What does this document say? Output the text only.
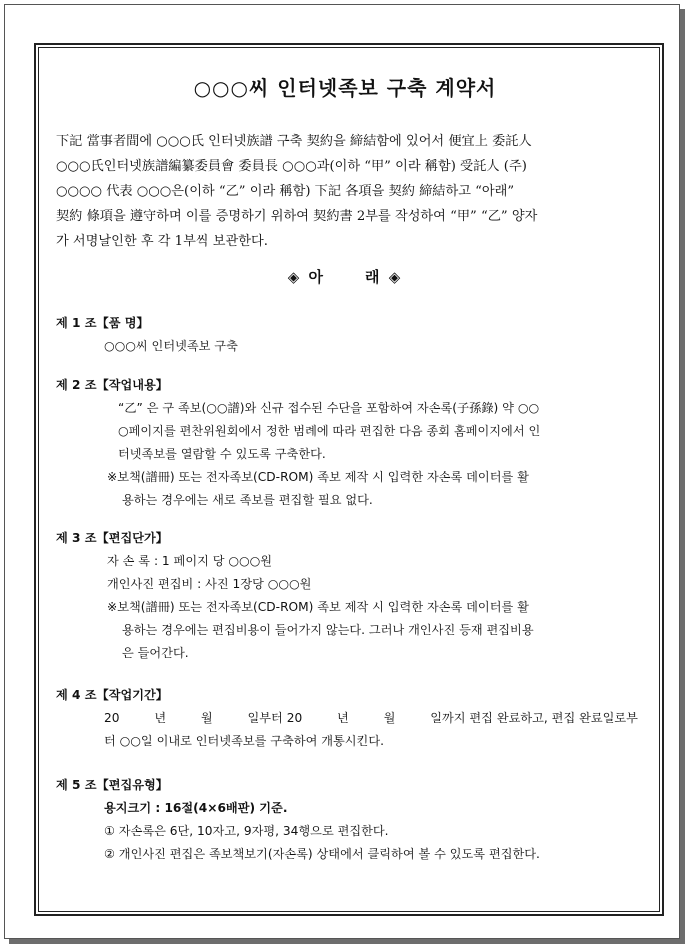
○○○씨 인터넷족보 구축 계약서

下記 當事者間에 ○○○氏 인터넷族譜 구축 契約을 締結함에 있어서 便宜上 委託人

○○○氏인터넷族譜編纂委員會 委員長 ○○○과(이하 “甲” 이라 稱함) 受託人 (주)

○○○○ 代表 ○○○은(이하 “乙” 이라 稱함) 下記 各項을 契約 締結하고 “아래”

契約 條項을 遵守하며 이를 증명하기 위하여 契約書 2부를 작성하여 “甲” “乙” 양자

가 서명날인한 후 각 1부씩 보관한다.

◈ 아	래 ◈
제 1 조【품 명】

○○○씨 인터넷족보 구축

제 2 조【작업내용】

“乙” 은 구 족보(○○譜)와 신규 접수된 수단을 포함하여 자손록(子孫錄) 약 ○○

○페이지를 편찬위원회에서 정한 범례에 따라 편집한 다음 종회 홈페이지에서 인

터넷족보를 열람할 수 있도록 구축한다.

※보책(譜冊) 또는 전자족보(CD-ROM) 족보 제작 시 입력한 자손록 데이터를 활

용하는 경우에는 새로 족보를 편집할 필요 없다.

제 3 조【편집단가】

자 손 록 : 1 페이지 당 ○○○원

개인사진 편집비 : 사진 1장당 ○○○원

※보책(譜冊) 또는 전자족보(CD-ROM) 족보 제작 시 입력한 자손록 데이터를 활

용하는 경우에는 편집비용이 들어가지 않는다. 그러나 개인사진 등재 편집비용

은 들어간다.

제 4 조【작업기간】

20	년	월	일부터 20	년	월	일까지 편집 완료하고, 편집 완료일로부

터 ○○일 이내로 인터넷족보를 구축하여 개통시킨다.

제 5 조【편집유형】

용지크기 : 16절(4×6배판) 기준.

① 자손록은 6단, 10자고, 9자평, 34행으로 편집한다.

② 개인사진 편집은 족보책보기(자손록) 상태에서 클릭하여 볼 수 있도록 편집한다.
